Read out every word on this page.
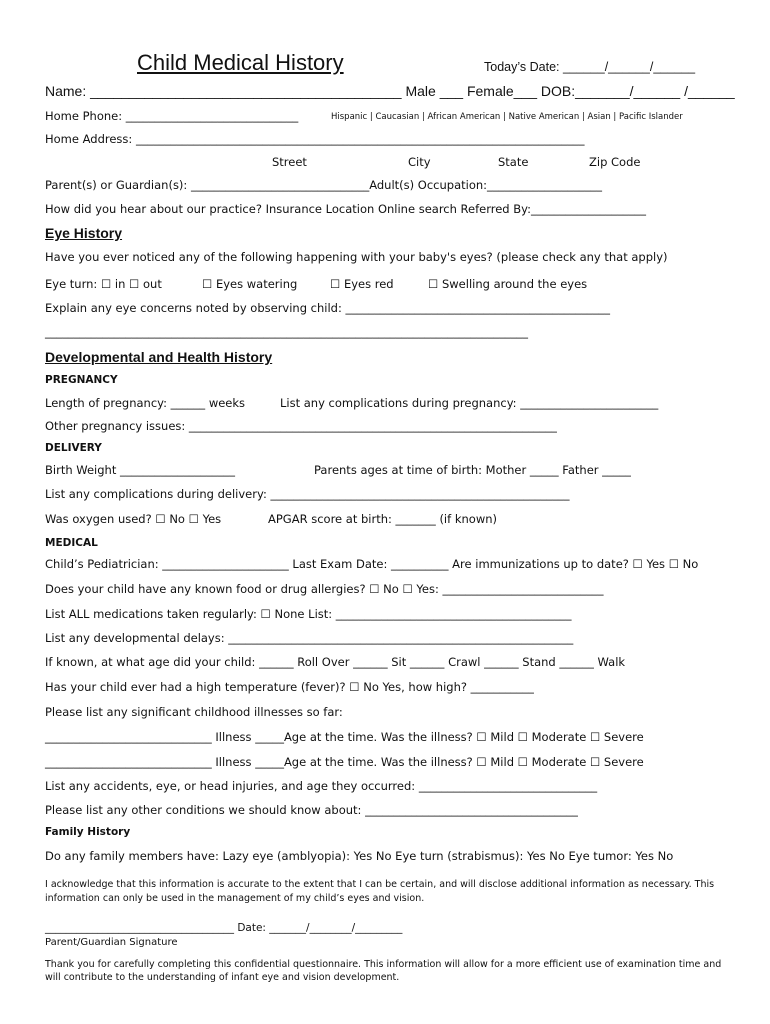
Child Medical History	Today’s Date: ______/______/______
Name: ________________________________________ Male ___ Female___ DOB:_______/______ /______
Home Phone: ______________________________	Hispanic | Caucasian | African American | Native American | Asian | Pacific Islander
Home Address: ______________________________________________________________________________
Street	City	State	Zip Code
Parent(s) or Guardian(s): _______________________________Adult(s) Occupation:____________________
How did you hear about our practice? Insurance Location Online search Referred By:____________________
Eye History
Have you ever noticed any of the following happening with your baby's eyes? (please check any that apply)
Eye turn: ☐ in ☐ out	☐ Eyes watering	☐ Eyes red	☐ Swelling around the eyes
Explain any eye concerns noted by observing child: ______________________________________________
____________________________________________________________________________________
Developmental and Health History
PREGNANCY
Length of pregnancy: ______ weeks	List any complications during pregnancy: ________________________
Other pregnancy issues: ________________________________________________________________
DELIVERY
Birth Weight ____________________	Parents ages at time of birth: Mother _____ Father _____
List any complications during delivery: ____________________________________________________
Was oxygen used? ☐ No ☐ Yes	APGAR score at birth: _______ (if known)
MEDICAL
Child’s Pediatrician: ______________________ Last Exam Date: __________ Are immunizations up to date? ☐ Yes ☐ No
Does your child have any known food or drug allergies? ☐ No ☐ Yes: ____________________________
List ALL medications taken regularly: ☐ None List: _________________________________________
List any developmental delays: ____________________________________________________________
If known, at what age did your child: ______ Roll Over ______ Sit ______ Crawl ______ Stand ______ Walk
Has your child ever had a high temperature (fever)? ☐ No Yes, how high? ___________
Please list any significant childhood illnesses so far:
_____________________________ Illness _____Age at the time. Was the illness? ☐ Mild ☐ Moderate ☐ Severe
_____________________________ Illness _____Age at the time. Was the illness? ☐ Mild ☐ Moderate ☐ Severe
List any accidents, eye, or head injuries, and age they occurred: _______________________________
Please list any other conditions we should know about: _____________________________________
Family History
Do any family members have: Lazy eye (amblyopia): Yes No Eye turn (strabismus): Yes No Eye tumor: Yes No
I acknowledge that this information is accurate to the extent that I can be certain, and will disclose additional information as necessary. This information can only be used in the management of my child’s eyes and vision.
____________________________________ Date: _______/________/_________
Parent/Guardian Signature
Thank you for carefully completing this confidential questionnaire. This information will allow for a more efficient use of examination time and will contribute to the understanding of infant eye and vision development.
